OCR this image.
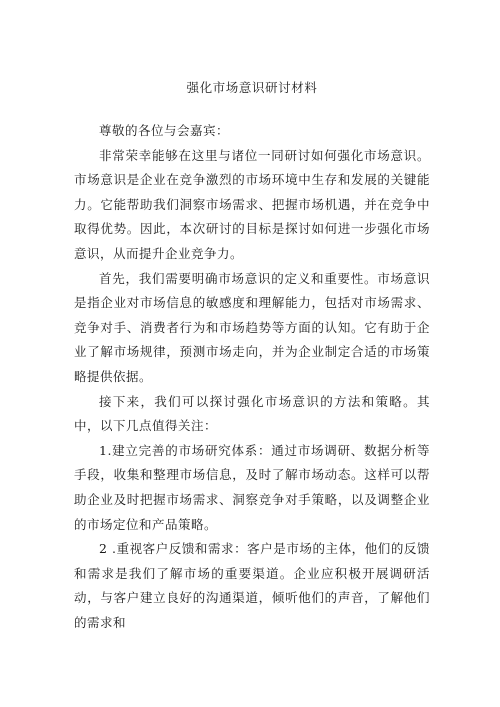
强化市场意识研讨材料

尊敬的各位与会嘉宾：

非常荣幸能够在这里与诸位一同研讨如何强化市场意识。市场意识是企业在竞争激烈的市场环境中生存和发展的关键能力。它能帮助我们洞察市场需求、把握市场机遇，并在竞争中取得优势。因此，本次研讨的目标是探讨如何进一步强化市场意识，从而提升企业竞争力。

首先，我们需要明确市场意识的定义和重要性。市场意识是指企业对市场信息的敏感度和理解能力，包括对市场需求、竞争对手、消费者行为和市场趋势等方面的认知。它有助于企业了解市场规律，预测市场走向，并为企业制定合适的市场策略提供依据。

接下来，我们可以探讨强化市场意识的方法和策略。其中，以下几点值得关注：

1.建立完善的市场研究体系：通过市场调研、数据分析等手段，收集和整理市场信息，及时了解市场动态。这样可以帮助企业及时把握市场需求、洞察竞争对手策略，以及调整企业的市场定位和产品策略。

2 .重视客户反馈和需求：客户是市场的主体，他们的反馈和需求是我们了解市场的重要渠道。企业应积极开展调研活动，与客户建立良好的沟通渠道，倾听他们的声音，了解他们的需求和
